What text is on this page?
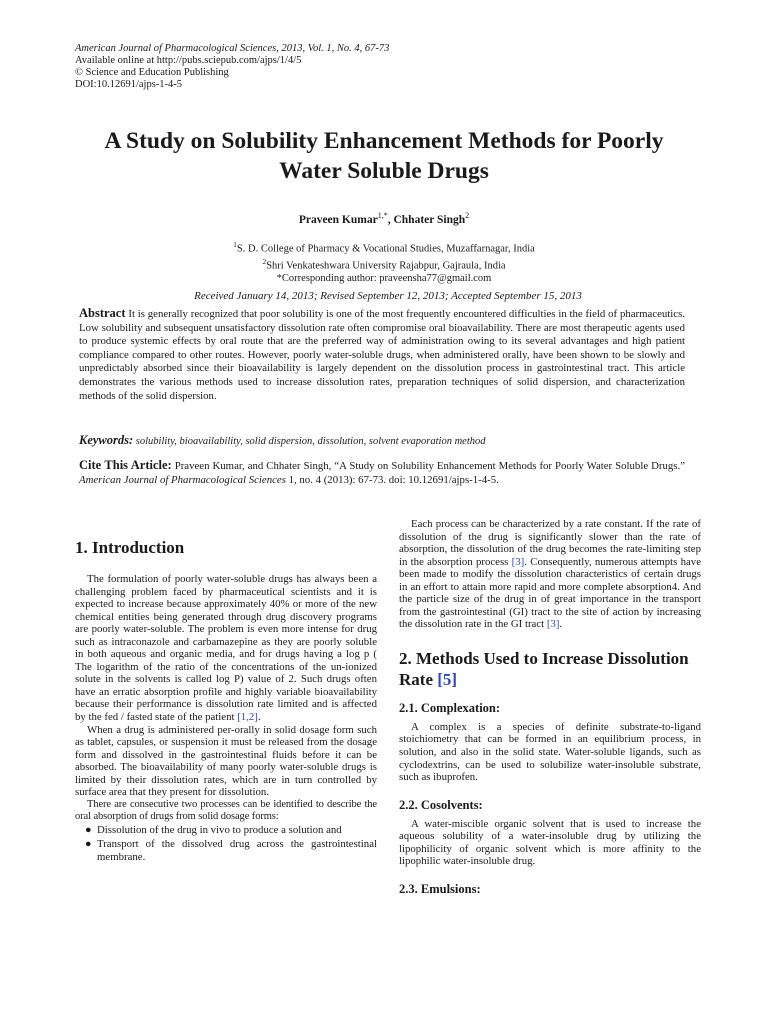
American Journal of Pharmacological Sciences, 2013, Vol. 1, No. 4, 67-73
Available online at http://pubs.sciepub.com/ajps/1/4/5
© Science and Education Publishing
DOI:10.12691/ajps-1-4-5
A Study on Solubility Enhancement Methods for Poorly
Water Soluble Drugs
Praveen Kumar$^{1,*}$, Chhater Singh$^2$
$^1$S. D. College of Pharmacy & Vocational Studies, Muzaffarnagar, India
$^2$Shri Venkateshwara University Rajabpur, Gajraula, India
*Corresponding author: praveensha77@gmail.com
Received January 14, 2013; Revised September 12, 2013; Accepted September 15, 2013
Abstract It is generally recognized that poor solubility is one of the most frequently encountered difficulties in the field of pharmaceutics. Low solubility and subsequent unsatisfactory dissolution rate often compromise oral bioavailability. There are most therapeutic agents used to produce systemic effects by oral route that are the preferred way of administration owing to its several advantages and high patient compliance compared to other routes. However, poorly water-soluble drugs, when administered orally, have been shown to be slowly and unpredictably absorbed since their bioavailability is largely dependent on the dissolution process in gastrointestinal tract. This article demonstrates the various methods used to increase dissolution rates, preparation techniques of solid dispersion, and characterization methods of the solid dispersion.
Keywords: solubility, bioavailability, solid dispersion, dissolution, solvent evaporation method
Cite This Article: Praveen Kumar, and Chhater Singh, “A Study on Solubility Enhancement Methods for Poorly Water Soluble Drugs.” American Journal of Pharmacological Sciences 1, no. 4 (2013): 67-73. doi: 10.12691/ajps-1-4-5.
1. Introduction

The formulation of poorly water-soluble drugs has always been a challenging problem faced by pharmaceutical scientists and it is expected to increase because approximately 40% or more of the new chemical entities being generated through drug discovery programs are poorly water-soluble. The problem is even more intense for drug such as intraconazole and carbamazepine as they are poorly soluble in both aqueous and organic media, and for drugs having a log p ( The logarithm of the ratio of the concentrations of the un-ionized solute in the solvents is called log P) value of 2. Such drugs often have an erratic absorption profile and highly variable bioavailability because their performance is dissolution rate limited and is affected by the fed / fasted state of the patient [1,2].

When a drug is administered per-orally in solid dosage form such as tablet, capsules, or suspension it must be released from the dosage form and dissolved in the gastrointestinal fluids before it can be absorbed. The bioavailability of many poorly water-soluble drugs is limited by their dissolution rates, which are in turn controlled by surface area that they present for dissolution.

There are consecutive two processes can be identified to describe the oral absorption of drugs from solid dosage forms:

● Dissolution of the drug in vivo to produce a solution and
● Transport of the dissolved drug across the gastrointestinal membrane.

Each process can be characterized by a rate constant. If the rate of dissolution of the drug is significantly slower than the rate of absorption, the dissolution of the drug becomes the rate-limiting step in the absorption process [3]. Consequently, numerous attempts have been made to modify the dissolution characteristics of certain drugs in an effort to attain more rapid and more complete absorption4. And the particle size of the drug in of great importance in the transport from the gastrointestinal (GI) tract to the site of action by increasing the dissolution rate in the GI tract [3].

2. Methods Used to Increase Dissolution Rate [5]
2.1. Complexation:

A complex is a species of definite substrate-to-ligand stoichiometry that can be formed in an equilibrium process, in solution, and also in the solid state. Water-soluble ligands, such as cyclodextrins, can be used to solubilize water-insoluble substrate, such as ibuprofen.

2.2. Cosolvents:

A water-miscible organic solvent that is used to increase the aqueous solubility of a water-insoluble drug by utilizing the lipophilicity of organic solvent which is more affinity to the lipophilic water-insoluble drug.

2.3. Emulsions:
